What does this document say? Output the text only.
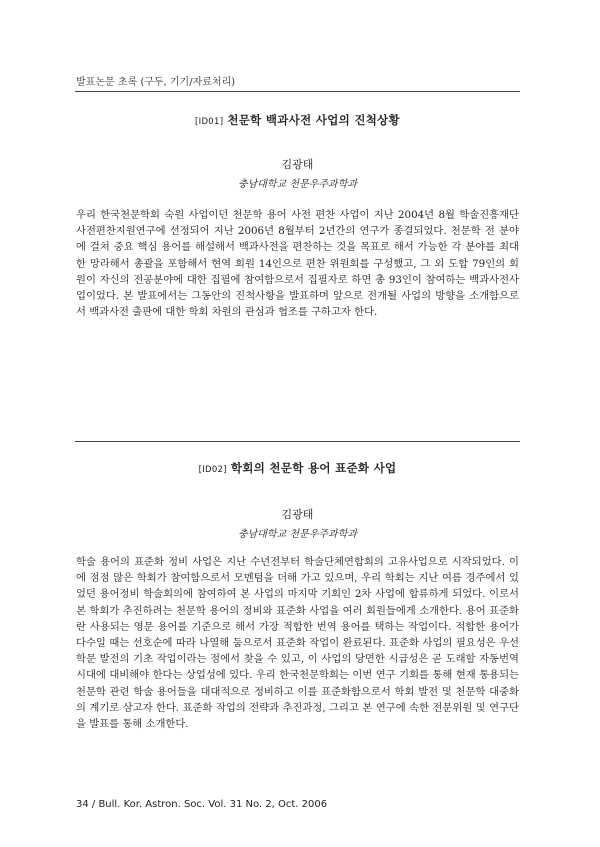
발표논문 초록 (구두, 기기/자료처리)
[ID01] 천문학 백과사전 사업의 진척상황
김광태
충남대학교 천문우주과학과
우리 한국천문학회 숙원 사업이던 천문학 용어 사전 편찬 사업이 지난 2004년 8월 학술진흥재단 사전편찬지원연구에 선정되어 지난 2006년 8월부터 2년간의 연구가 종결되었다. 천문학 전 분야에 걸쳐 중요 핵심 용어를 해설해서 백과사전을 편찬하는 것을 목표로 해서 가능한 각 분야를 최대한 망라해서 총괄을 포함해서 현역 회원 14인으로 편찬 위원회를 구성했고, 그 외 도합 79인의 회원이 자신의 전공분야에 대한 집필에 참여함으로서 집필자로 하면 총 93인이 참여하는 백과사전사업이었다. 본 발표에서는 그동안의 진척사항을 발표하며 앞으로 전개될 사업의 방향을 소개함으로서 백과사전 출판에 대한 학회 차원의 관심과 협조를 구하고자 한다.
[ID02] 학회의 천문학 용어 표준화 사업
김광태
충남대학교 천문우주과학과
학술 용어의 표준화 정비 사업은 지난 수년전부터 학술단체연합회의 고유사업으로 시작되었다. 이에 점점 많은 학회가 참여함으로서 모멘텀을 더해 가고 있으며, 우리 학회는 지난 여름 경주에서 있었던 용어정비 학술회의에 참여하여 본 사업의 마지막 기회인 2차 사업에 합류하게 되었다. 이로서 본 학회가 추진하려는 천문학 용어의 정비와 표준화 사업을 여러 회원들에게 소개한다. 용어 표준화란 사용되는 영문 용어를 기준으로 해서 가장 적합한 번역 용어를 택하는 작업이다. 적합한 용어가 다수일 때는 선호순에 따라 나열해 둠으로서 표준화 작업이 완료된다. 표준화 사업의 필요성은 우선 학문 발전의 기초 작업이라는 점에서 찾을 수 있고, 이 사업의 당면한 시급성은 곧 도래할 자동번역시대에 대비해야 한다는 상업성에 있다. 우리 한국천문학회는 이번 연구 기회를 통해 현재 통용되는 천문학 관련 학술 용어들을 대대적으로 정비하고 이를 표준화함으로서 학회 발전 및 천문학 대중화의 계기로 삼고자 한다. 표준화 작업의 전략과 추진과정, 그리고 본 연구에 속한 전문위원 및 연구단을 발표를 통해 소개한다.
34 / Bull. Kor. Astron. Soc. Vol. 31 No. 2, Oct. 2006
